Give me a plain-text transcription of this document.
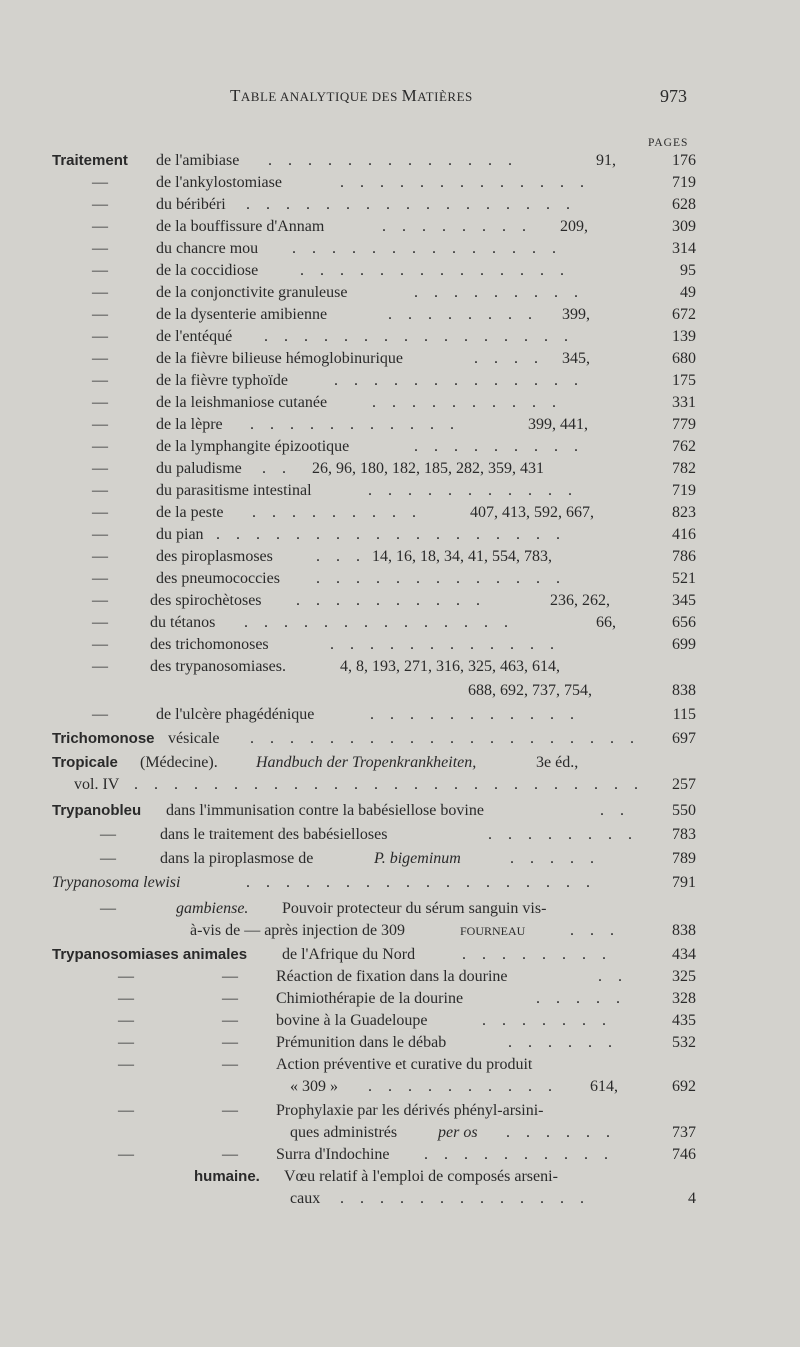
TABLE ANALYTIQUE DES MATIÈRES	973
PAGES
Traitement de l'amibiase . . . . . . . . . . . . .	91,	176
—	de l'ankylostomiase	. . . . . . . . . . . . .	719
—	du béribéri . . . . . . . . . . . . . . . . .	628
—	de la bouffissure d'Annam	. . . . . . . . 209,	309
—	du chancre mou . . . . . . . . . . . . . .	314
—	de la coccidiose	. . . . . . . . . . . . . .	95
—	de la conjonctivite granuleuse	. . . . . . . . .	49
—	de la dysenterie amibienne	. . . . . . . . 399,	672
—	de l'entéqué . . . . . . . . . . . . . . . .	139
—	de la fièvre bilieuse hémoglobinurique	. . . . 345,	680
—	de la fièvre typhoïde	. . . . . . . . . . . . .	175
—	de la leishmaniose cutanée	. . . . . . . . . .	331
—	de la lèpre . . . . . . . . . . .	399, 441,	779
—	de la lymphangite épizootique	. . . . . . . . .	762
—	du paludisme . . 26, 96, 180, 182, 185, 282, 359, 431	782
—	du parasitisme intestinal	. . . . . . . . . . .	719
—	de la peste . . . . . . . . .	407, 413, 592, 667,	823
—	du pian . . . . . . . . . . . . . . . . . .	416
—	des piroplasmoses	. . . 14, 16, 18, 34, 41, 554, 783,	786
—	des pneumococcies . . . . . . . . . . . . .	521
—	des spirochètoses . . . . . . . . . .	236, 262,	345
—	du tétanos . . . . . . . . . . . . . .	66,	656
—	des trichomonoses	. . . . . . . . . . . .	699
—	des trypanosomiases.	4, 8, 193, 271, 316, 325, 463, 614,
688, 692, 737, 754,	838
—	de l'ulcère phagédénique	. . . . . . . . . . .	115
Trichomonose vésicale . . . . . . . . . . . . . . . . . . . .	697
Tropicale (Médecine). Handbuch der Tropenkrankheiten,	3e éd.,
vol. IV . . . . . . . . . . . . . . . . . . . . . . . . . .	257
Trypanobleu dans l'immunisation contre la babésiellose bovine	. .	550
—	dans le traitement des babésielloses	. . . . . . . .	783
—	dans la piroplasmose de	P. bigeminum	. . . . .	789
Trypanosoma lewisi	. . . . . . . . . . . . . . . . . .	791
—	gambiense. Pouvoir protecteur du sérum sanguin vis-
à-vis de — après injection de 309	FOURNEAU	. . .	838
Trypanosomiases animales de l'Afrique du Nord	. . . . . . . .	434
—	— Réaction de fixation dans la dourine	. .	325
—	— Chimiothérapie de la dourine	. . . . .	328
—	— bovine à la Guadeloupe	. . . . . . .	435
—	— Prémunition dans le débab	. . . . . .	532
—	— Action préventive et curative du produit
« 309 » . . . . . . . . . . 614,	692
—	— Prophylaxie par les dérivés phényl-arsini-
ques administrés	per os . . . . . .	737
—	— Surra d'Indochine . . . . . . . . . .	746
humaine. Vœu relatif à l'emploi de composés arseni-
caux . . . . . . . . . . . . .	4
